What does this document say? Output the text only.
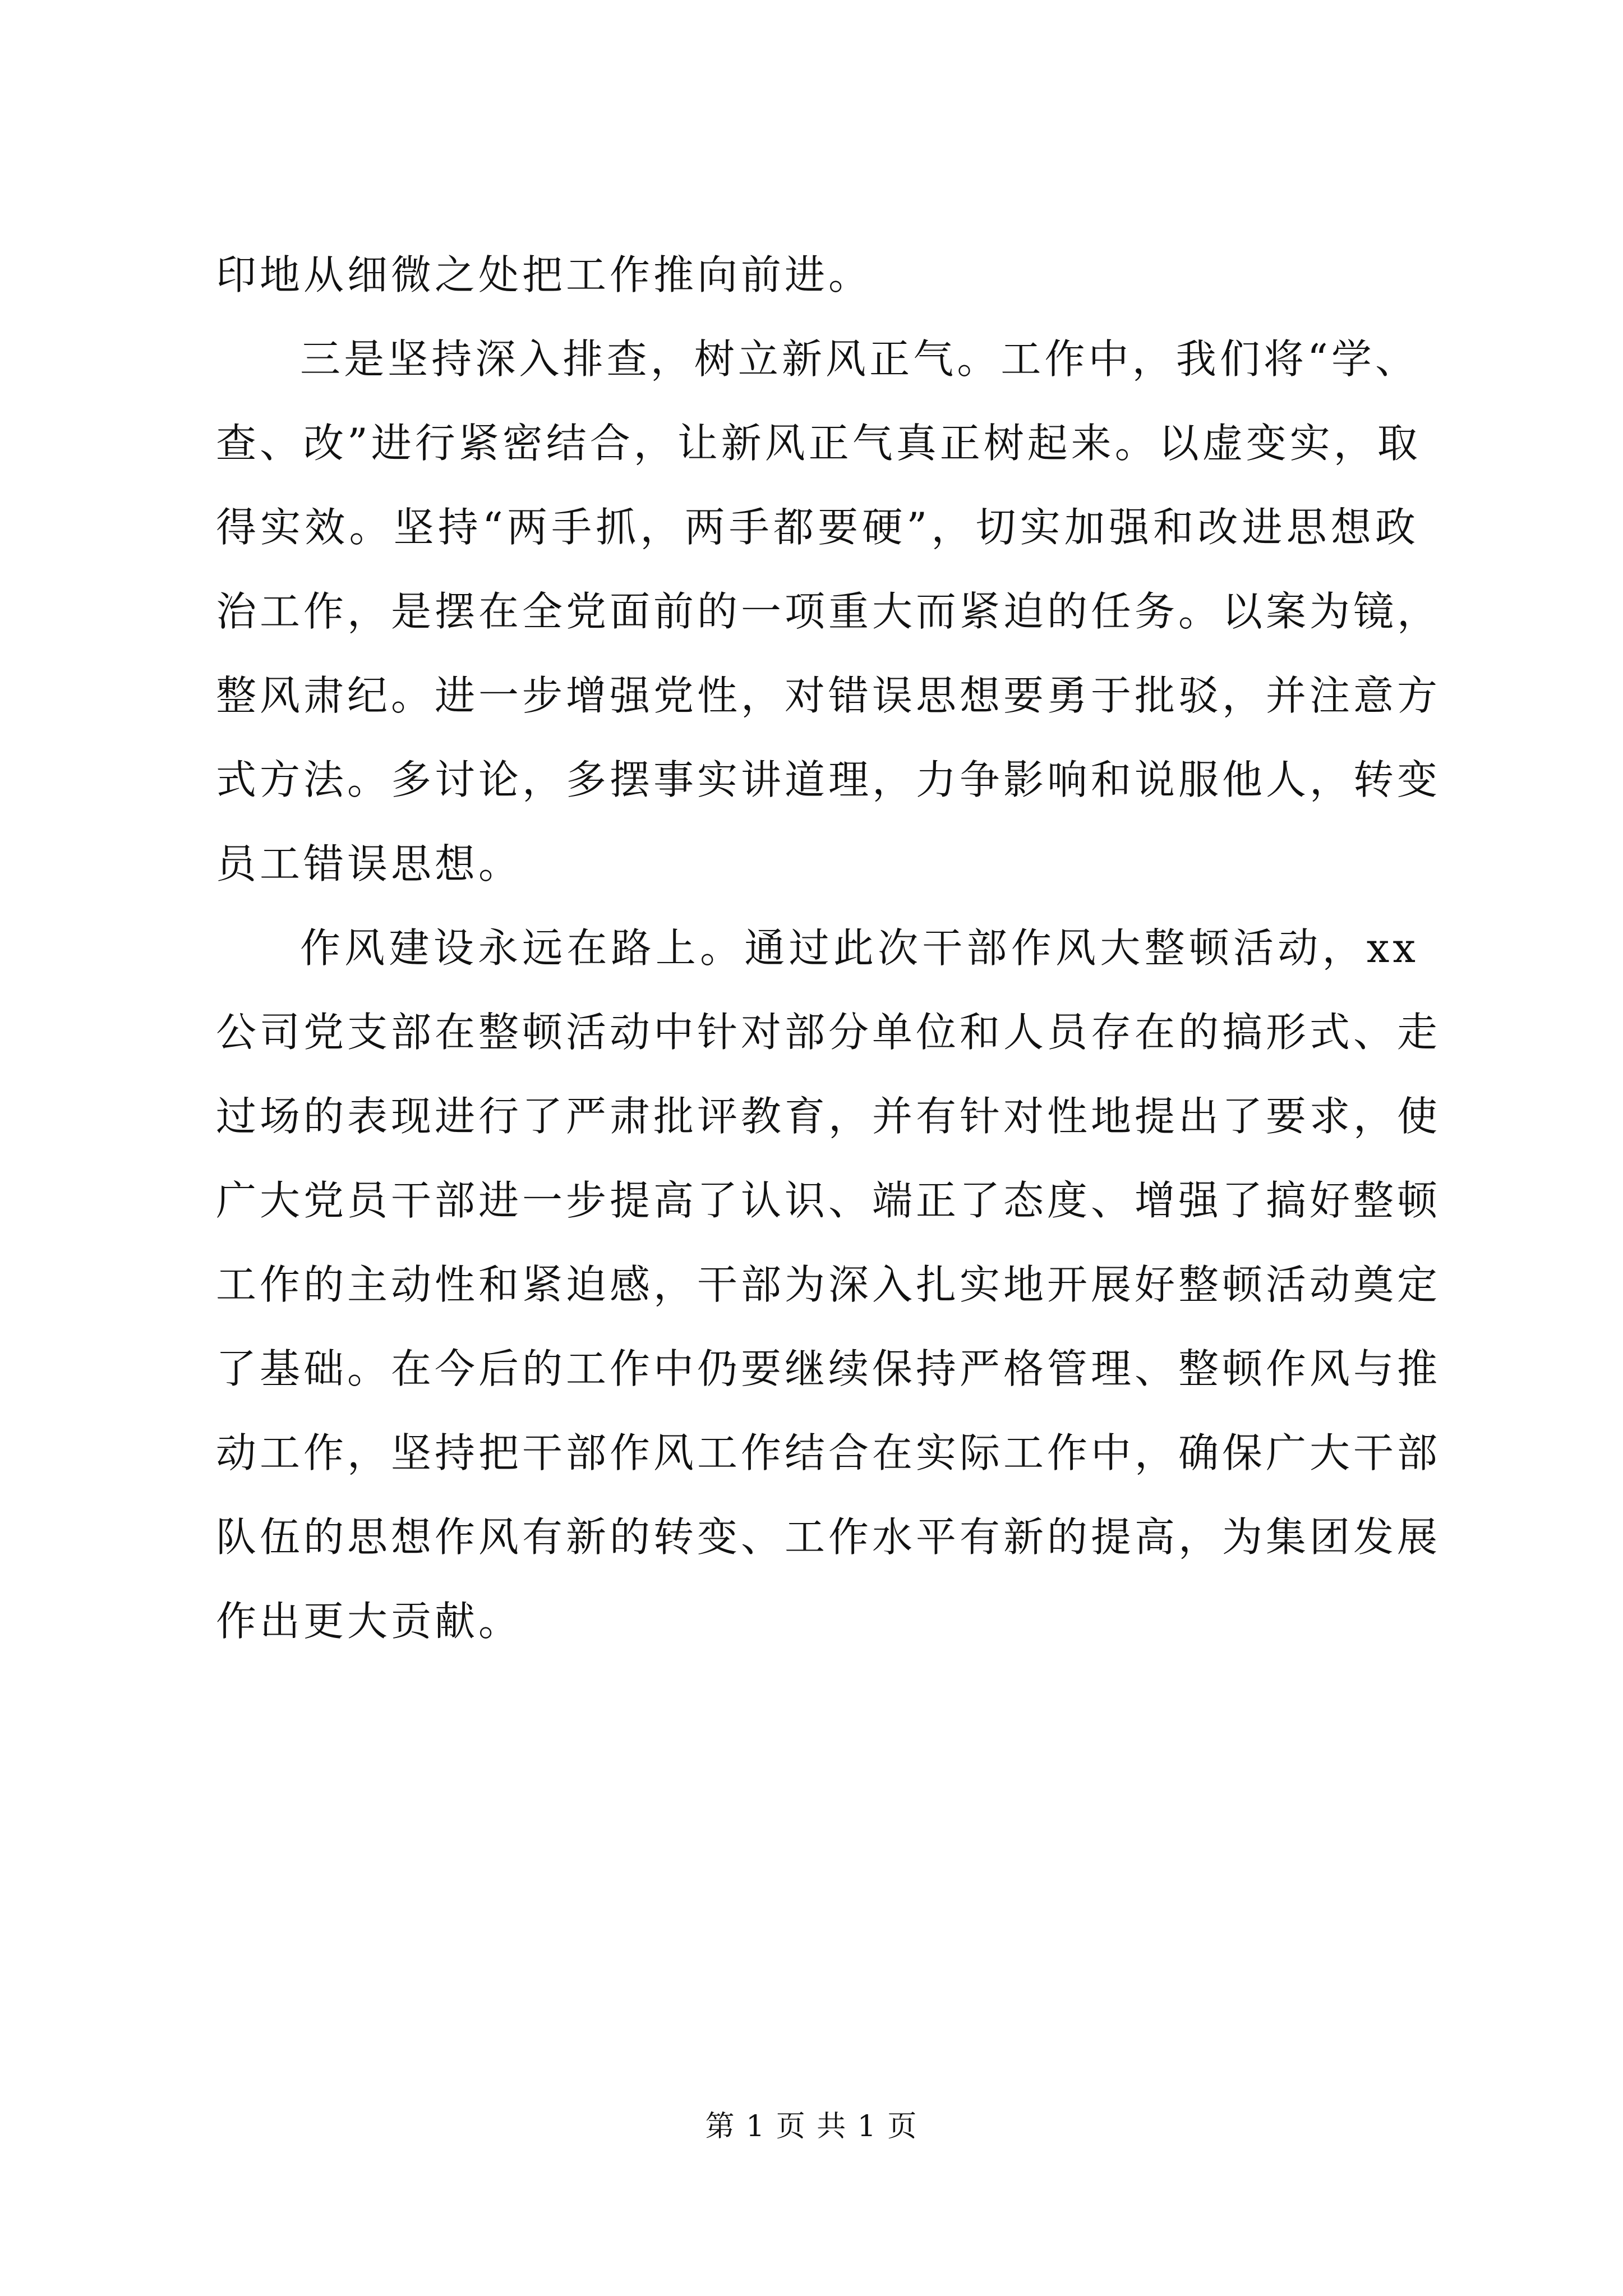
印地从细微之处把工作推向前进。
三是坚持深入排查，树立新风正气。工作中，我们将“学、
查、改”进行紧密结合，让新风正气真正树起来。以虚变实，取
得实效。坚持“两手抓，两手都要硬”，切实加强和改进思想政
治工作，是摆在全党面前的一项重大而紧迫的任务。以案为镜，
整风肃纪。进一步增强党性，对错误思想要勇于批驳，并注意方
式方法。多讨论，多摆事实讲道理，力争影响和说服他人，转变
员工错误思想。
作风建设永远在路上。通过此次干部作风大整顿活动，xx
公司党支部在整顿活动中针对部分单位和人员存在的搞形式、走
过场的表现进行了严肃批评教育，并有针对性地提出了要求，使
广大党员干部进一步提高了认识、端正了态度、增强了搞好整顿
工作的主动性和紧迫感，干部为深入扎实地开展好整顿活动奠定
了基础。在今后的工作中仍要继续保持严格管理、整顿作风与推
动工作，坚持把干部作风工作结合在实际工作中，确保广大干部
队伍的思想作风有新的转变、工作水平有新的提高，为集团发展
作出更大贡献。
第 1 页 共 1 页
